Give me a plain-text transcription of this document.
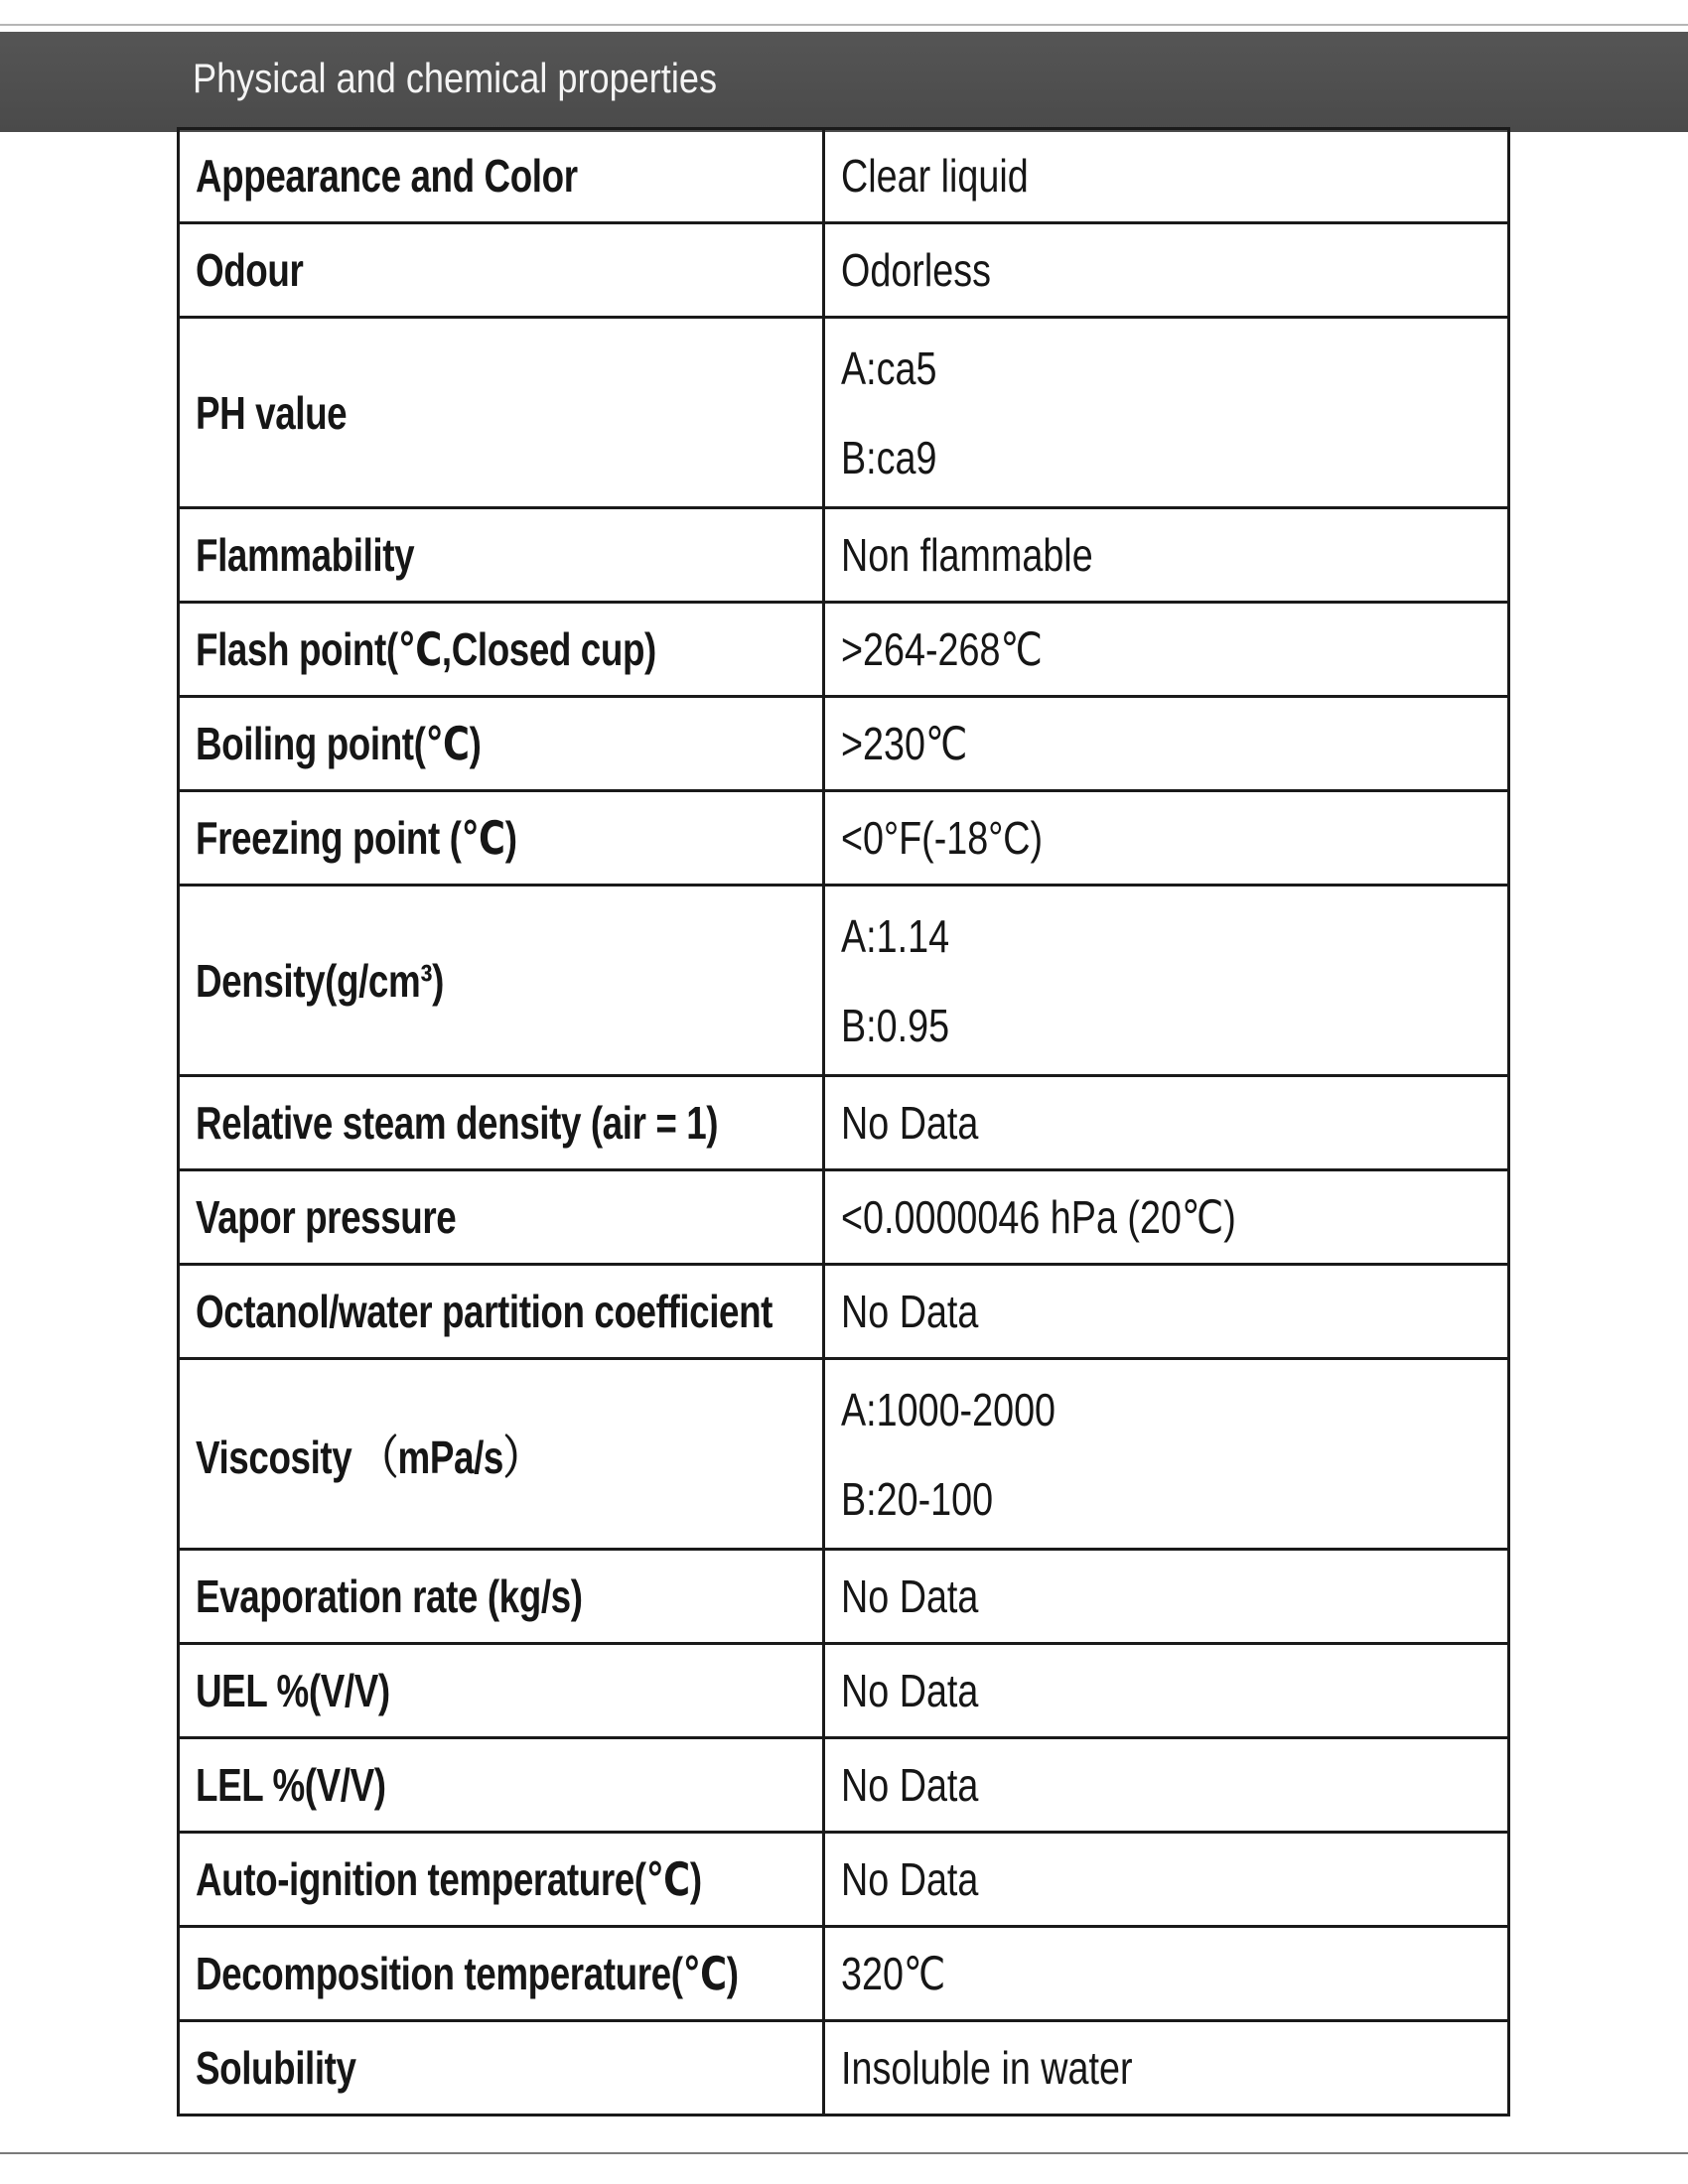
Physical and chemical properties
Appearance and Color	Clear liquid

Odour	Odorless

PH value	A:ca5
B:ca9

Flammability	Non flammable

Flash point(℃,Closed cup)	>264-268℃

Boiling point(℃)	>230℃

Freezing point (℃)	<0°F(-18°C)

Density(g/cm³)	A:1.14
B:0.95

Relative steam density (air = 1)	No Data

Vapor pressure	<0.0000046 hPa (20℃)

Octanol/water partition coefficient	No Data

Viscosity （mPa/s）	A:1000-2000
B:20-100

Evaporation rate (kg/s)	No Data

UEL %(V/V)	No Data

LEL %(V/V)	No Data

Auto-ignition temperature(℃)	No Data

Decomposition temperature(℃)	320℃

Solubility	Insoluble in water
